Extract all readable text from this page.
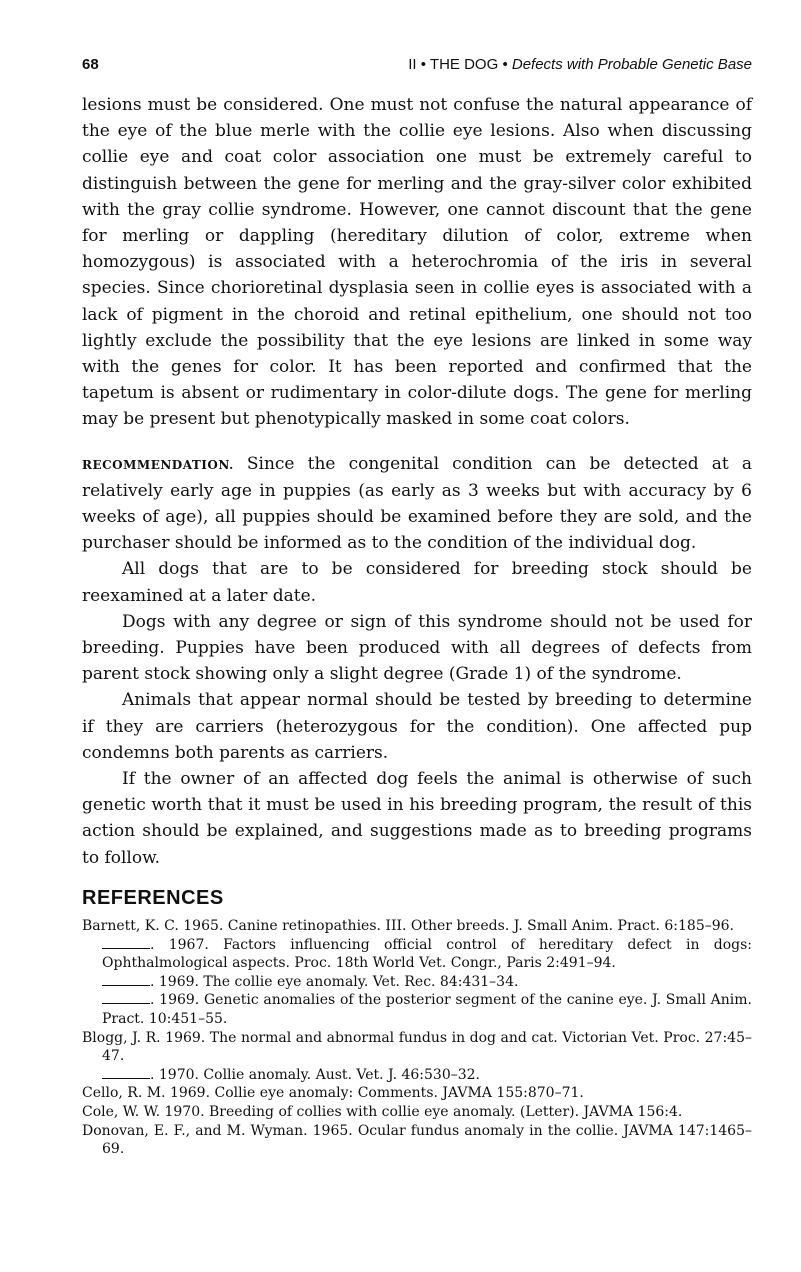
68	II • THE DOG • Defects with Probable Genetic Base

lesions must be considered. One must not confuse the natural appearance of the eye of the blue merle with the collie eye lesions. Also when discussing collie eye and coat color association one must be extremely careful to distinguish between the gene for merling and the gray-silver color exhibited with the gray collie syndrome. However, one cannot discount that the gene for merling or dappling (hereditary dilution of color, extreme when homozygous) is associated with a heterochromia of the iris in several species. Since chorioretinal dysplasia seen in collie eyes is associated with a lack of pigment in the choroid and retinal epithelium, one should not too lightly exclude the possibility that the eye lesions are linked in some way with the genes for color. It has been reported and confirmed that the tapetum is absent or rudimentary in color-dilute dogs. The gene for merling may be present but phenotypically masked in some coat colors.

RECOMMENDATION. Since the congenital condition can be detected at a relatively early age in puppies (as early as 3 weeks but with accuracy by 6 weeks of age), all puppies should be examined before they are sold, and the purchaser should be informed as to the condition of the individual dog.

All dogs that are to be considered for breeding stock should be reexamined at a later date.

Dogs with any degree or sign of this syndrome should not be used for breeding. Puppies have been produced with all degrees of defects from parent stock showing only a slight degree (Grade 1) of the syndrome.

Animals that appear normal should be tested by breeding to determine if they are carriers (heterozygous for the condition). One affected pup condemns both parents as carriers.

If the owner of an affected dog feels the animal is otherwise of such genetic worth that it must be used in his breeding program, the result of this action should be explained, and suggestions made as to breeding programs to follow.

REFERENCES
Barnett, K. C. 1965. Canine retinopathies. III. Other breeds. J. Small Anim. Pract. 6:185–96.
. 1967. Factors influencing official control of hereditary defect in dogs: Ophthalmological aspects. Proc. 18th World Vet. Congr., Paris 2:491–94.
. 1969. The collie eye anomaly. Vet. Rec. 84:431–34.
. 1969. Genetic anomalies of the posterior segment of the canine eye. J. Small Anim. Pract. 10:451–55.
Blogg, J. R. 1969. The normal and abnormal fundus in dog and cat. Victorian Vet. Proc. 27:45–47.
. 1970. Collie anomaly. Aust. Vet. J. 46:530–32.
Cello, R. M. 1969. Collie eye anomaly: Comments. JAVMA 155:870–71.
Cole, W. W. 1970. Breeding of collies with collie eye anomaly. (Letter). JAVMA 156:4.
Donovan, E. F., and M. Wyman. 1965. Ocular fundus anomaly in the collie. JAVMA 147:1465–69.
